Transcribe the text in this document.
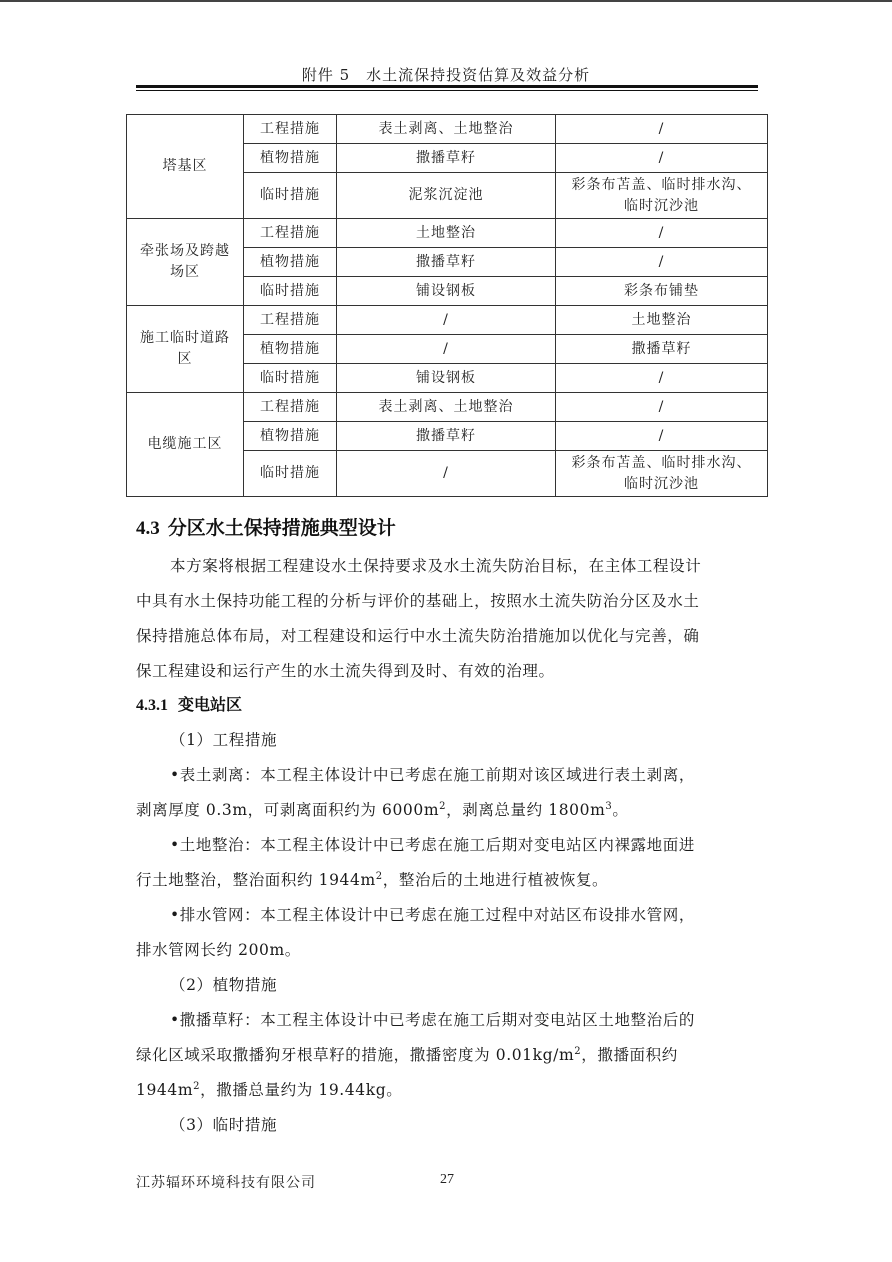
附件 5　水土流保持投资估算及效益分析
塔基区	工程措施	表土剥离、土地整治	/
	植物措施	撒播草籽	/
	临时措施	泥浆沉淀池	彩条布苫盖、临时排水沟、
临时沉沙池
牵张场及跨越
场区	工程措施	土地整治	/
	植物措施	撒播草籽	/
	临时措施	铺设钢板	彩条布铺垫
施工临时道路
区	工程措施	/	土地整治
	植物措施	/	撒播草籽
	临时措施	铺设钢板	/
电缆施工区	工程措施	表土剥离、土地整治	/
	植物措施	撒播草籽	/
	临时措施	/	彩条布苫盖、临时排水沟、
临时沉沙池
4.3 分区水土保持措施典型设计
本方案将根据工程建设水土保持要求及水土流失防治目标，在主体工程设计
中具有水土保持功能工程的分析与评价的基础上，按照水土流失防治分区及水土
保持措施总体布局，对工程建设和运行中水土流失防治措施加以优化与完善，确
保工程建设和运行产生的水土流失得到及时、有效的治理。
4.3.1 变电站区
（1）工程措施
•表土剥离：本工程主体设计中已考虑在施工前期对该区域进行表土剥离，
剥离厚度 0.3m，可剥离面积约为 $6000m^2$，剥离总量约 $1800m^3$。
•土地整治：本工程主体设计中已考虑在施工后期对变电站区内裸露地面进
行土地整治，整治面积约 $1944m^2$，整治后的土地进行植被恢复。
•排水管网：本工程主体设计中已考虑在施工过程中对站区布设排水管网，
排水管网长约 200m。
（2）植物措施
•撒播草籽：本工程主体设计中已考虑在施工后期对变电站区土地整治后的
绿化区域采取撒播狗牙根草籽的措施，撒播密度为 $0.01kg/m^2$，撒播面积约
$1944m^2$，撒播总量约为 19.44kg。
（3）临时措施
江苏辐环环境科技有限公司	27
